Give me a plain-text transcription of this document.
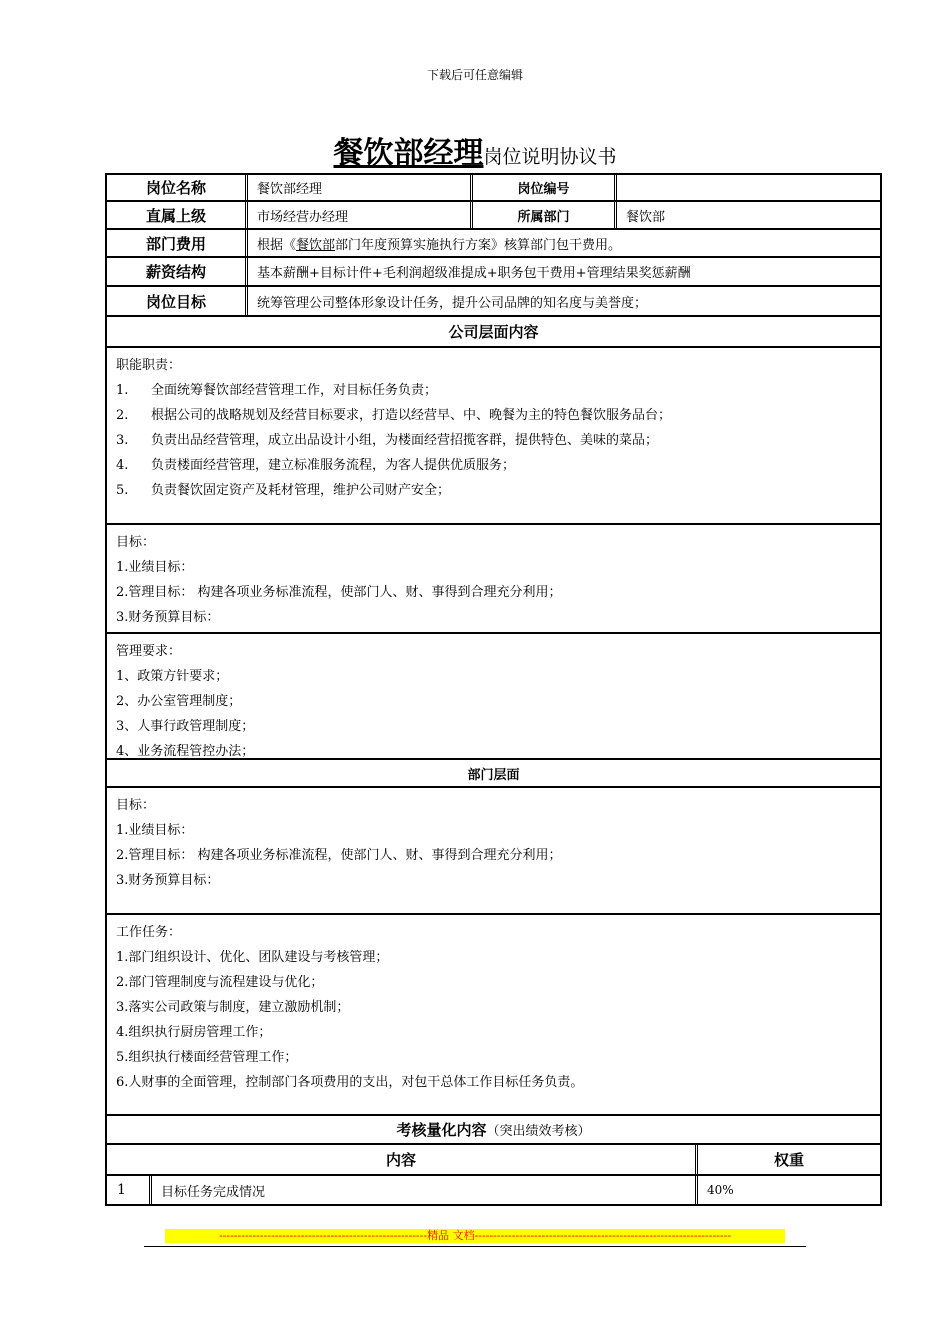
下载后可任意编辑
餐饮部经理岗位说明协议书
岗位名称	餐饮部经理	岗位编号
直属上级	市场经营办经理	所属部门	餐饮部
部门费用	根据《 餐饮部 部门年度预算实施执行方案》核算部门包干费用。
薪资结构	基本薪酬+目标计件+毛利润超级准提成+职务包干费用+管理结果奖惩薪酬
岗位目标	统筹管理公司整体形象设计任务，提升公司品牌的知名度与美誉度；
公司层面内容
职能职责：
1. 全面统筹餐饮部经营管理工作，对目标任务负责；
2. 根据公司的战略规划及经营目标要求，打造以经营早、中、晚餐为主的特色餐饮服务品台；
3. 负责出品经营管理，成立出品设计小组，为楼面经营招揽客群，提供特色、美味的菜品；
4. 负责楼面经营管理，建立标准服务流程，为客人提供优质服务；
5. 负责餐饮固定资产及耗材管理，维护公司财产安全；
目标：
1.业绩目标：
2.管理目标： 构建各项业务标准流程，使部门人、财、事得到合理充分利用；
3.财务预算目标：
管理要求：
1、政策方针要求；
2、办公室管理制度；
3、人事行政管理制度；
4、业务流程管控办法；
部门层面
目标：
1.业绩目标：
2.管理目标： 构建各项业务标准流程，使部门人、财、事得到合理充分利用；
3.财务预算目标：
工作任务：
1.部门组织设计、优化、团队建设与考核管理；
2.部门管理制度与流程建设与优化；
3.落实公司政策与制度，建立激励机制；
4.组织执行厨房管理工作；
5.组织执行楼面经营管理工作；
6.人财事的全面管理，控制部门各项费用的支出，对包干总体工作目标任务负责。
考核量化内容 （突出绩效考核）
内容	权重
1	目标任务完成情况	40%
--------------------------------------------------------精品 文档---------------------------------------------------------------------
